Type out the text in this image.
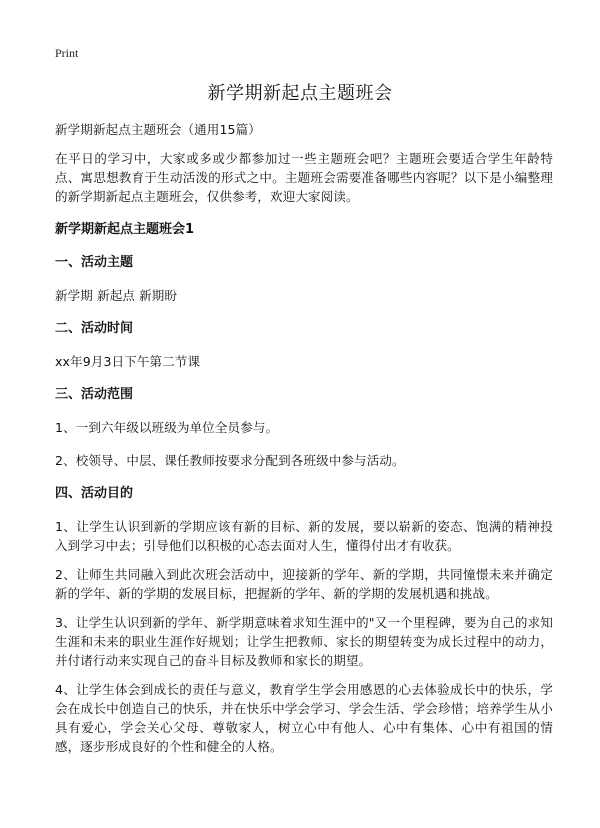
Print
新学期新起点主题班会

新学期新起点主题班会（通用15篇）

在平日的学习中，大家或多或少都参加过一些主题班会吧？主题班会要适合学生年龄特点、寓思想教育于生动活泼的形式之中。主题班会需要准备哪些内容呢？以下是小编整理的新学期新起点主题班会，仅供参考，欢迎大家阅读。

新学期新起点主题班会1

一、活动主题

新学期 新起点 新期盼

二、活动时间

xx年9月3日下午第二节课

三、活动范围

1、一到六年级以班级为单位全员参与。

2、校领导、中层、课任教师按要求分配到各班级中参与活动。

四、活动目的

1、让学生认识到新的学期应该有新的目标、新的发展，要以崭新的姿态、饱满的精神投入到学习中去；引导他们以积极的心态去面对人生，懂得付出才有收获。

2、让师生共同融入到此次班会活动中，迎接新的学年、新的学期，共同憧憬未来并确定新的学年、新的学期的发展目标，把握新的学年、新的学期的发展机遇和挑战。

3、让学生认识到新的学年、新学期意味着求知生涯中的"又一个里程碑，要为自己的求知生涯和未来的职业生涯作好规划；让学生把教师、家长的期望转变为成长过程中的动力，并付诸行动来实现自己的奋斗目标及教师和家长的期望。

4、让学生体会到成长的责任与意义，教育学生学会用感恩的心去体验成长中的快乐，学会在成长中创造自己的快乐，并在快乐中学会学习、学会生活、学会珍惜；培养学生从小具有爱心，学会关心父母、尊敬家人，树立心中有他人、心中有集体、心中有祖国的情感，逐步形成良好的个性和健全的人格。
